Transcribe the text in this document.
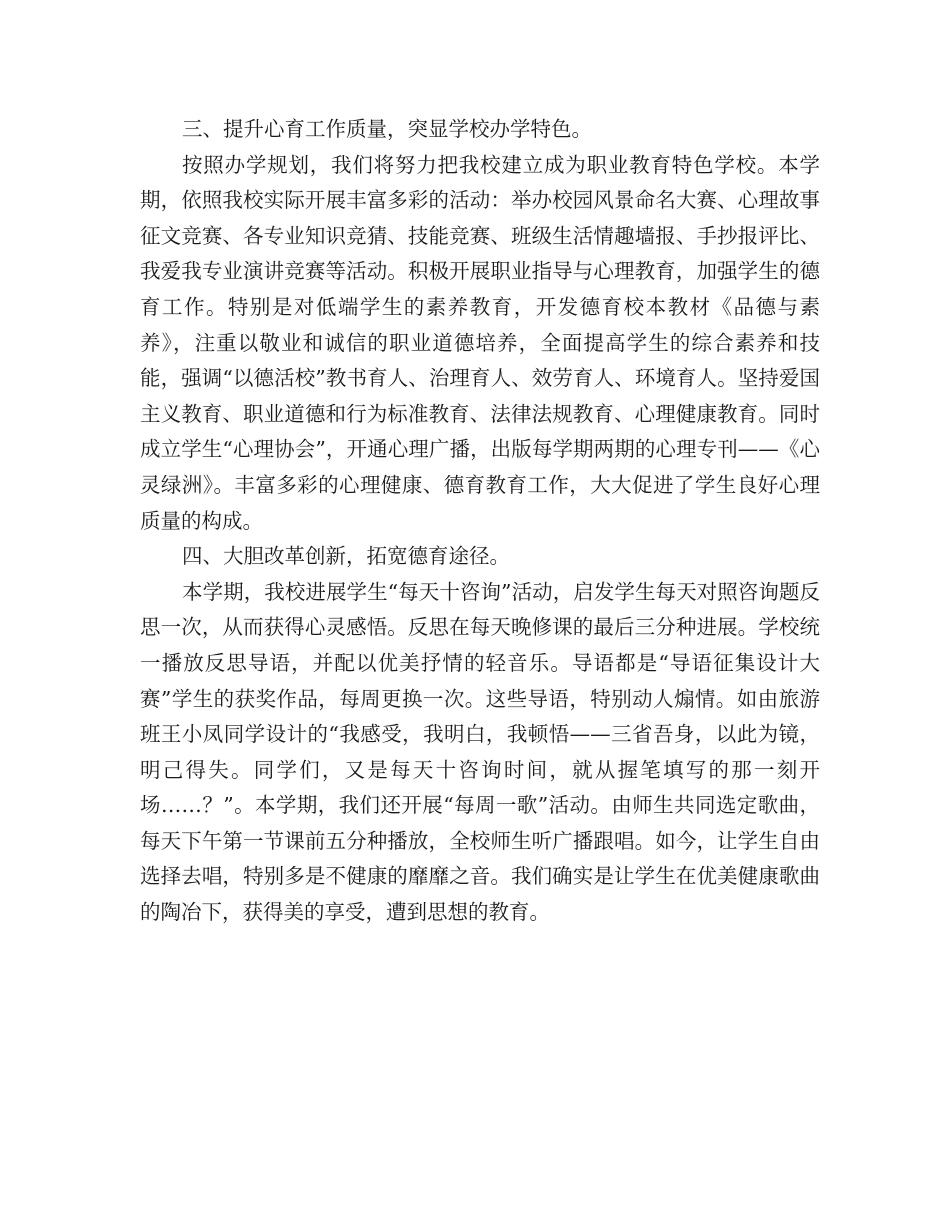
三、提升心育工作质量，突显学校办学特色。

按照办学规划，我们将努力把我校建立成为职业教育特色学校。本学期，依照我校实际开展丰富多彩的活动：举办校园风景命名大赛、心理故事征文竞赛、各专业知识竞猜、技能竞赛、班级生活情趣墙报、手抄报评比、我爱我专业演讲竞赛等活动。积极开展职业指导与心理教育，加强学生的德育工作。特别是对低端学生的素养教育，开发德育校本教材《品德与素养》，注重以敬业和诚信的职业道德培养，全面提高学生的综合素养和技能，强调“以德活校”教书育人、治理育人、效劳育人、环境育人。坚持爱国主义教育、职业道德和行为标准教育、法律法规教育、心理健康教育。同时成立学生“心理协会”，开通心理广播，出版每学期两期的心理专刊——《心灵绿洲》。丰富多彩的心理健康、德育教育工作，大大促进了学生良好心理质量的构成。

四、大胆改革创新，拓宽德育途径。

本学期，我校进展学生“每天十咨询”活动，启发学生每天对照咨询题反思一次，从而获得心灵感悟。反思在每天晚修课的最后三分种进展。学校统一播放反思导语，并配以优美抒情的轻音乐。导语都是“导语征集设计大赛”学生的获奖作品，每周更换一次。这些导语，特别动人煽情。如由旅游班王小凤同学设计的“我感受，我明白，我顿悟——三省吾身，以此为镜，明己得失。同学们，又是每天十咨询时间，就从握笔填写的那一刻开场……？”。本学期，我们还开展“每周一歌”活动。由师生共同选定歌曲，每天下午第一节课前五分种播放，全校师生听广播跟唱。如今，让学生自由选择去唱，特别多是不健康的靡靡之音。我们确实是让学生在优美健康歌曲的陶冶下，获得美的享受，遭到思想的教育。
